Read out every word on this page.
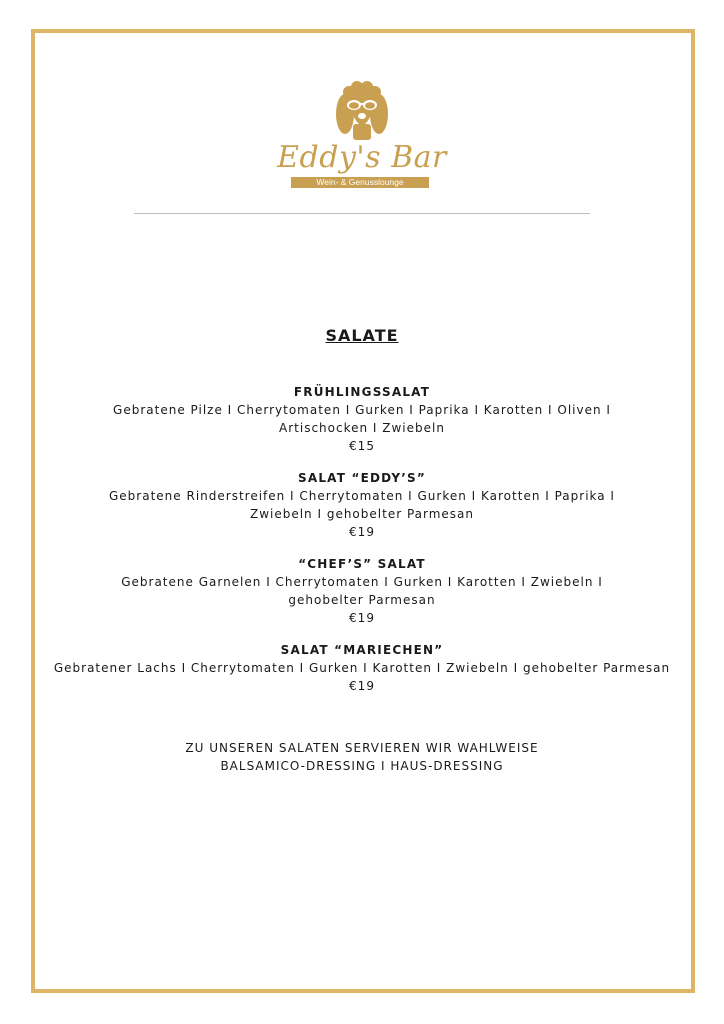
Eddy's Bar
Wein- & Genusslounge
SALATE
FRÜHLINGSSALAT
Gebratene Pilze I Cherrytomaten I Gurken I Paprika I Karotten I Oliven I
Artischocken I Zwiebeln
€15
SALAT “EDDY’S”
Gebratene Rinderstreifen I Cherrytomaten I Gurken I Karotten I Paprika I
Zwiebeln I gehobelter Parmesan
€19
“CHEF’S” SALAT
Gebratene Garnelen I Cherrytomaten I Gurken I Karotten I Zwiebeln I
gehobelter Parmesan
€19
SALAT “MARIECHEN”
Gebratener Lachs I Cherrytomaten I Gurken I Karotten I Zwiebeln I gehobelter Parmesan
€19
ZU UNSEREN SALATEN SERVIEREN WIR WAHLWEISE
BALSAMICO-DRESSING I HAUS-DRESSING
